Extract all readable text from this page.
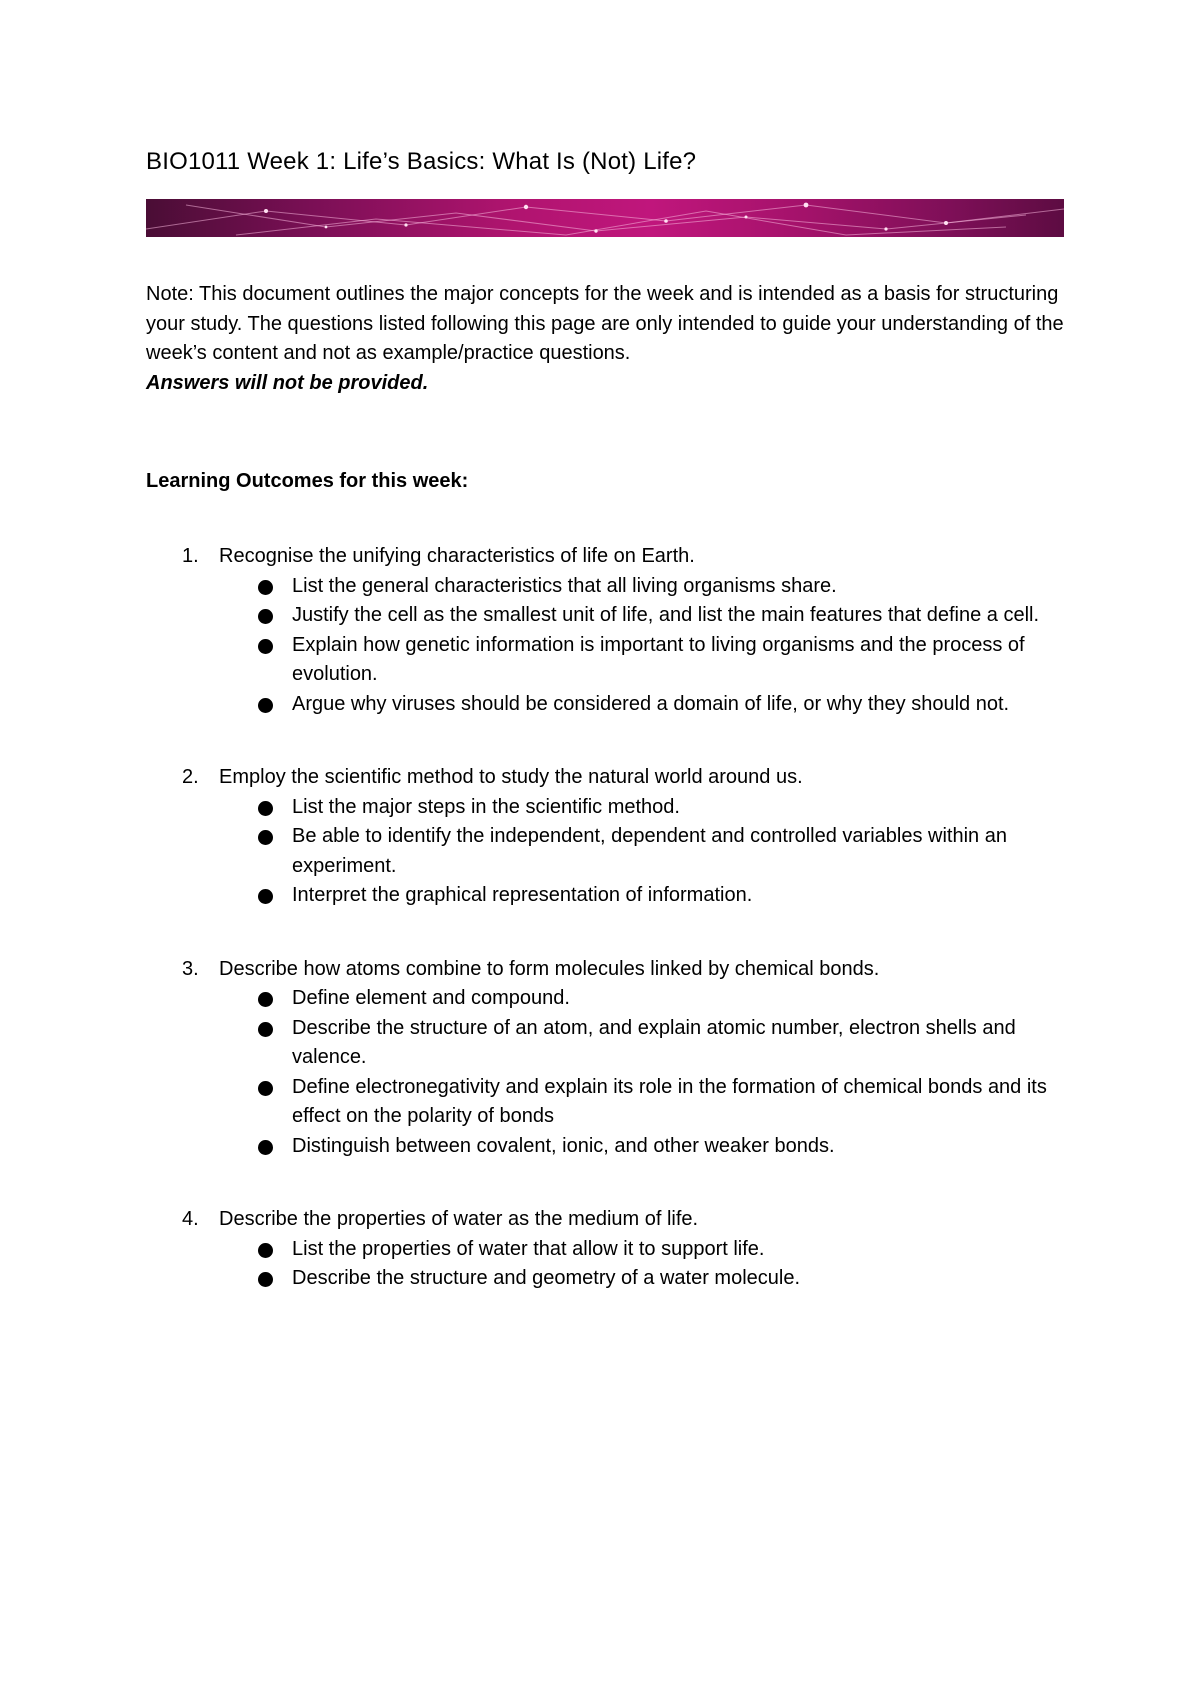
BIO1011 Week 1: Life’s Basics: What Is (Not) Life?
Note: This document outlines the major concepts for the week and is intended as a basis for structuring your study. The questions listed following this page are only intended to guide your understanding of the week’s content and not as example/practice questions.
Answers will not be provided.
Learning Outcomes for this week:
1. Recognise the unifying characteristics of life on Earth.
List the general characteristics that all living organisms share.
Justify the cell as the smallest unit of life, and list the main features that define a cell.
Explain how genetic information is important to living organisms and the process of evolution.
Argue why viruses should be considered a domain of life, or why they should not.
2. Employ the scientific method to study the natural world around us.
List the major steps in the scientific method.
Be able to identify the independent, dependent and controlled variables within an experiment.
Interpret the graphical representation of information.
3. Describe how atoms combine to form molecules linked by chemical bonds.
Define element and compound.
Describe the structure of an atom, and explain atomic number, electron shells and valence.
Define electronegativity and explain its role in the formation of chemical bonds and its effect on the polarity of bonds
Distinguish between covalent, ionic, and other weaker bonds.
4. Describe the properties of water as the medium of life.
List the properties of water that allow it to support life.
Describe the structure and geometry of a water molecule.
